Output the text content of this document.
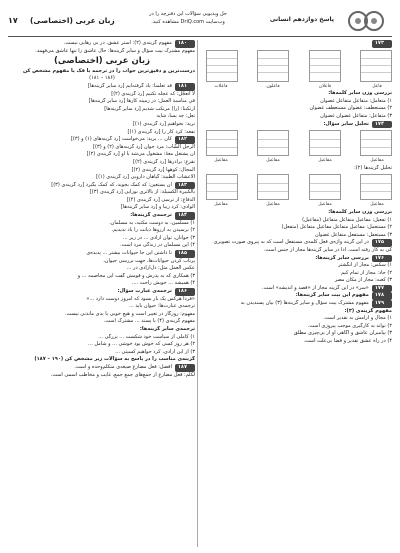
۱۷ زبان عربی (اختصاصی)
حل ویدیویی سؤالات این دفترچه را در
وب‌سایت DriQ.com مشاهده کنید.	پاسخ دوازدهم انسانی
۱۷۳
فاعل
فاعلان
فاعلون
فاعلات
بررسی وزن سایر کلمه‌ها:
۱) متعامل: متفاعل متفاعل غضوان
۲) مستعطف: غضوان مستعطف غضوان
۳) متفاعل: متفاعل غضوان غضوان
۱۷۴تحلیل سایر سؤال:
مفاعیل
مفاعیل
مفاعیل
مفاعیل
تحلیل گزینه‌ها (۲):
مفاعیل
مفاعیل
مفاعیل
مفاعیل
بررسی وزن سایر کلمه‌ها:
۱) تفعیل: مفاعیل متفاعل متفاعل (مفاعیل)
۲) مستعمل: مفاعیل متفاعل مفاعیل متفاعل (متفعل)
۳) مستعفل: مستفعل متفاعل غضوان
۱۷۵در این گزینه واژه‌ی فعل کلمه‌ی مستفعل است که به پیروی صورت تصویری
کی به کار رفته است. ادا در سایر گزینه‌ها مجاز از جنس است.
۱۷۶بررسی سایر گزینه‌ها:
۱) سکس: مجاز از انگشتر
۲) جاد: مجاز از تمام کیم
۳) کعبه: مجاز از مکان مصر
۱۷۷«سر» در این گزینه مجاز از «قصد و اندیشه» است.
۱۷۸مفهوم این بیت سایر گزینه‌ها:
۱۷۹مفهوم مشترک بیت سؤال و سایر گزینه‌ها (۳) بیان پسندیدن به
مفهوم گزینه‌ی (۳):
۱) مجال و آرامش به تقدیر است.
۲) تواند به کارگیری موجب پیروزی است.
۳) پیامبران عاشق و آگاهی او از بی‌چیزی مطلق
۴) در راه عشق تقدیر و قضا بی‌علت است.
۱۸۰مفهوم گزینه‌ی (۲): آستر عشق، در بی رهایی نیست.
مفهوم مشترک بیت سؤال و سایر گزینه‌ها: حال عاشق را تنها عاشق می‌فهمد.
زبان عربی (اختصاصی)
درست‌ترین و دقیق‌ترین جواب را در ترجمه یا فک یا مفهوم مشخص کن
(۱۸۶ – ۱۸۱)
۱۸۱قد تعلمنا: یاد گرفته‌ایم [رد سایر گزینه‌ها]
لا أتعجَّل: که عجله نکنیم [رد گزینه‌ی (۲)]
في مناسبة العمل: در زمینه کارها [رد سایر گزینه‌ها]
ارتکبنا: (را) مرتکب شدیم [رد سایر گزینه‌ها]
تعل: چه بسا، شاید
نرید: بخواهیم [رد گزینه‌ی (۱)]
نفعه: کرد کار را [رد گزینه‌ی (۱)]
۱۸۲کان ... یرید: می‌خواست [رد گزینه‌های (۱) و (۳)]
الرجل الشّاب: مرد جوان [رد گزینه‌های (۲) و (۳)]
أن یشتغل معهُ: مشغول می‌شد با او [رد گزینه‌ی (۲)]
نقرع: برادرها [رد گزینه‌ی (۲)]
المجال: کوهها [رد گزینه‌ی (۲)]
الأعشاب الطبیة: گیاهان دارویی [رد گزینه‌ی (۱)]
۱۸۳أن یستعین: که کمک بجوید، که کمک بگیرد [رد گزینه‌ی (۳)]
بالکبیرة الکسیلة: از بالاتری نوزایی [رد گزینه‌ی (۳)]
الدفاع: از ترسی [رد گزینه‌ی (۴)]
الوادی: کرد زیبا و [رد سایر گزینه‌ها]
۱۸۴ترجمه‌ی گزینه‌ها:
۱) مسلمین، به دوست مکتبه، به مسلمان.
۲) برسیدن به آرزوها دیانت را یاد ندیدیم.
۳) جوانان، توان آزادی ... در زیر ...
۴) این مسلمان در زندگی مرد است.
۱۸۵تا داشتن این جا حیوانات بیشتر ... پدیده‌ی
پرتاب کردن حیوانات‌ها، جهت بررسی حیوان،
عکس العمل مثل: دل‌آزادی در ...
۳) همکاری که به پدرش و قومش گفت این مخاصمه ... و
۴) همیشه ... خویش راحت ....
۱۸۶ترجمه‌ی عبارت سؤال:
«فردا هرکس یک بار بسود که امروز دوست دارد ...»
ترجمه‌ی عبارت‌ها: حیوان باید ...
مفهوم: روزگار در تغییر است و هیچ خوبی یا بدی ماندنی نیست.
مفهوم گزینه‌ی (۴) با پسند ... مشترک است.
ترجمه‌ی سایر گزینه‌ها:
۱) کاملی از سیاست خود شکست ... بزرگی ...
۲) هر روز کسی که خوش بود خوشی ... و شامل ...
۳) از این آزادی، کرد خواهیم کسیتی ...
گزینه‌ی مناسب را در پاسخ به سؤالات زیر مشخص کن (۱۹۰ – ۱۸۷)
۱۸۷أفضل: فعل مضارع صیغه‌ی متکلم‌وحده و است.
لکلّم: فعل مضارع از جمع‌های جمع جمع، غایب و مخاطب اسمی است.
